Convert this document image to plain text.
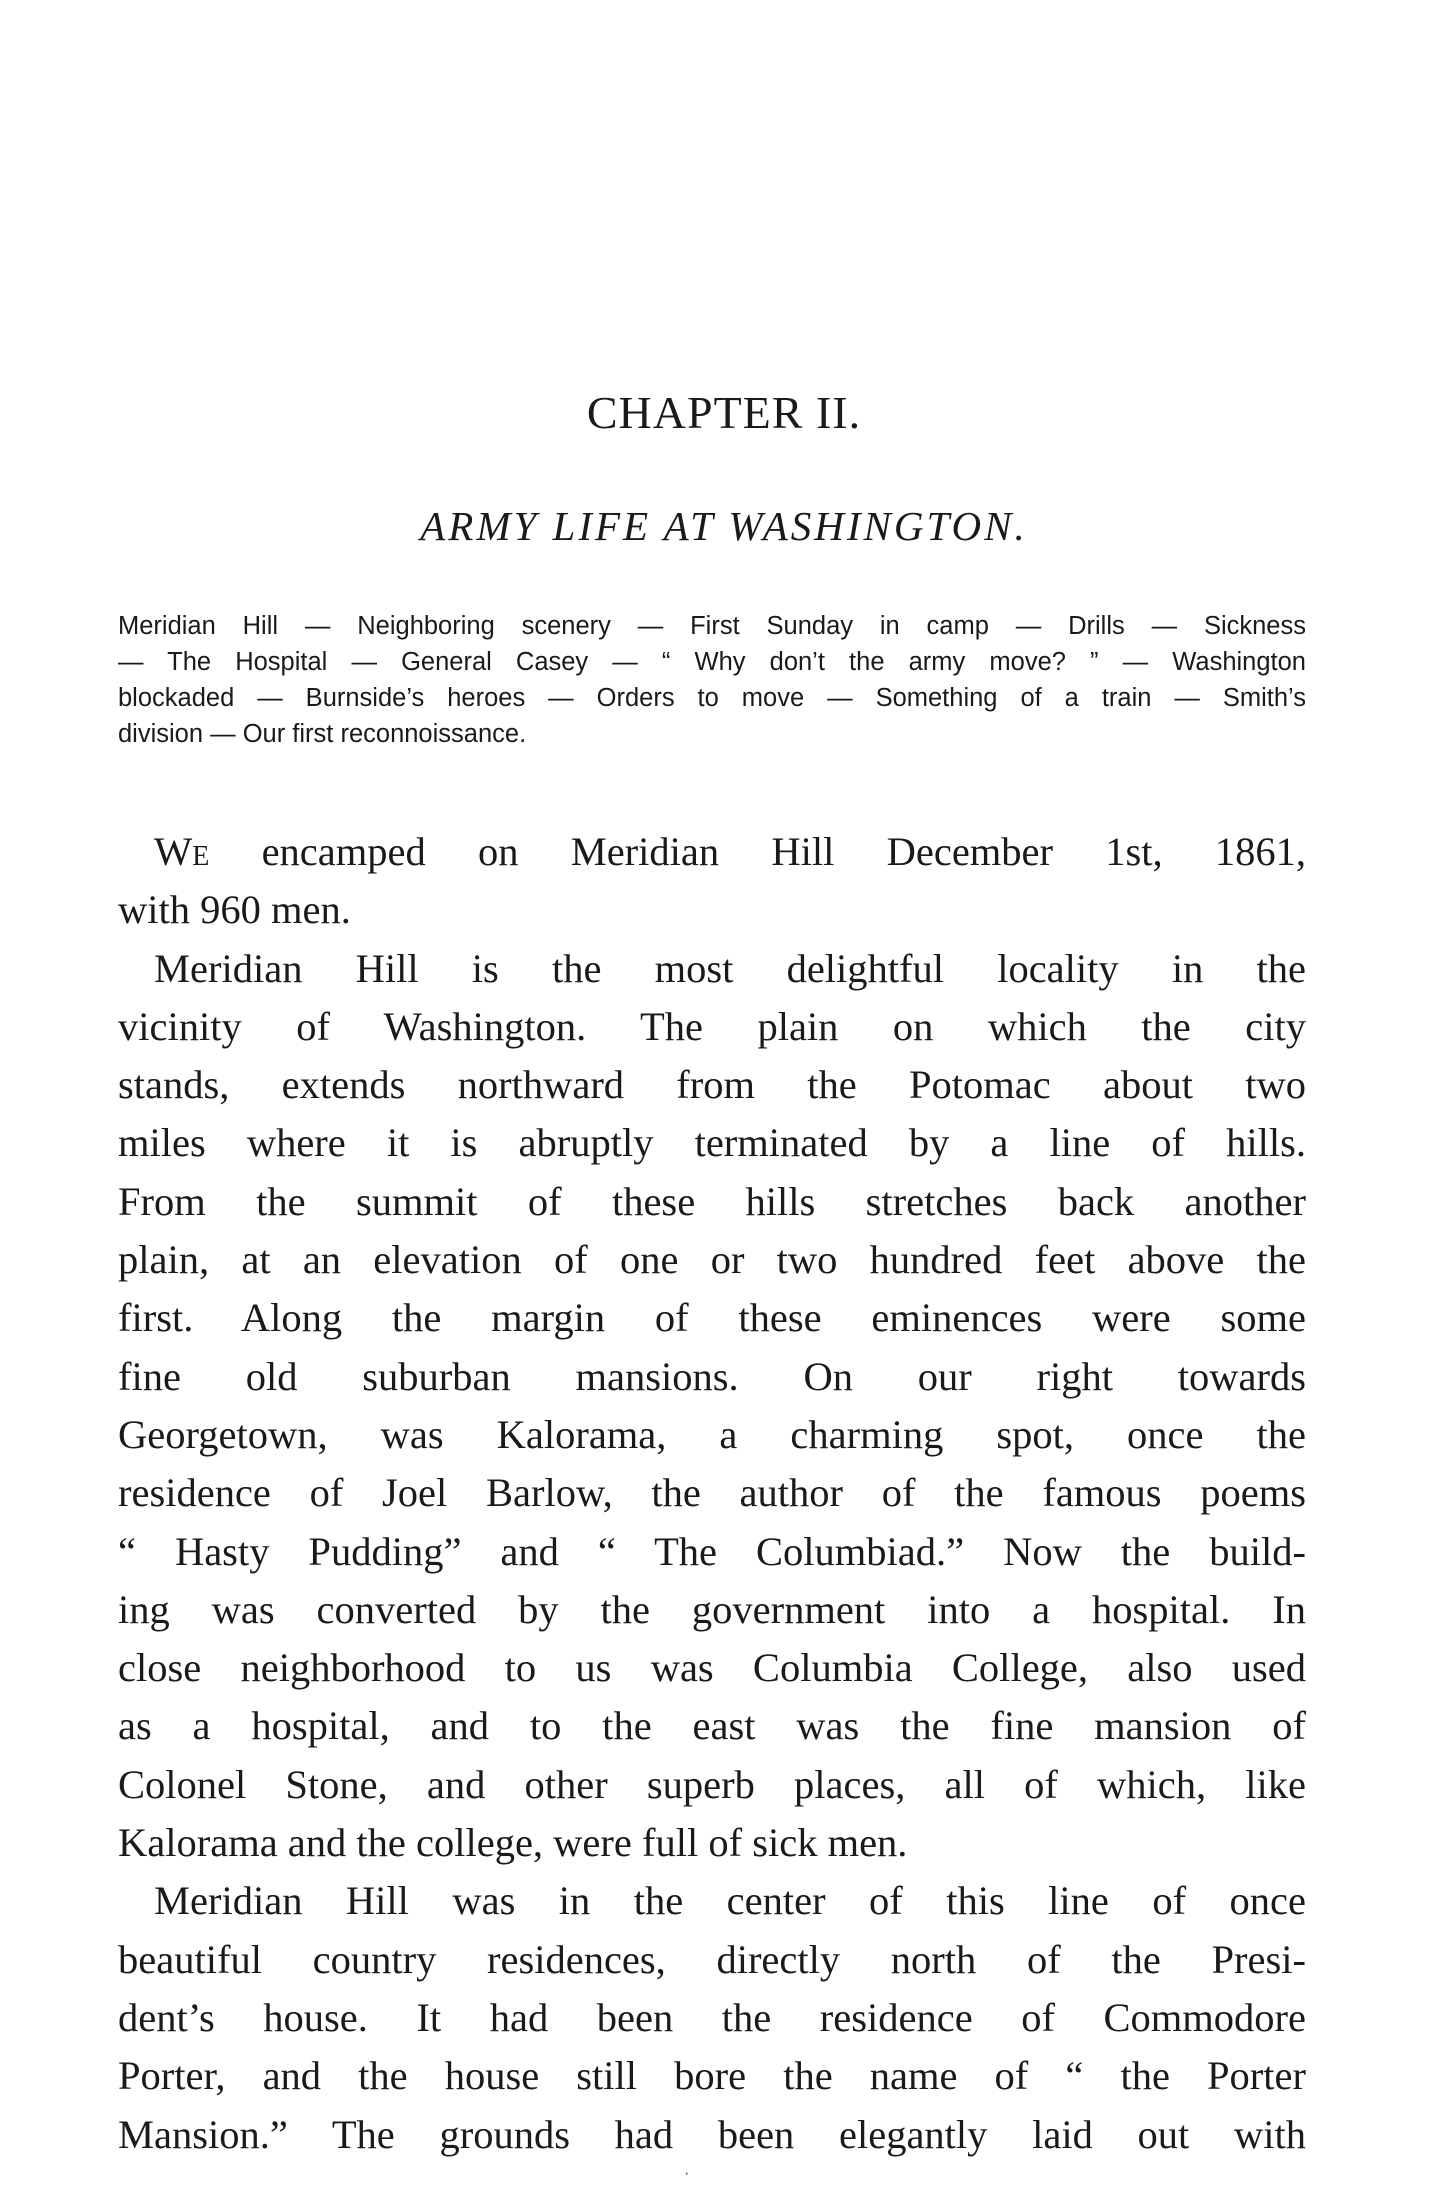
CHAPTER II.
ARMY LIFE AT WASHINGTON.

Meridian Hill — Neighboring scenery — First Sunday in camp — Drills — Sickness
— The Hospital — General Casey — “ Why don’t the army move? ” — Washington
blockaded — Burnside’s heroes — Orders to move — Something of a train — Smith’s
division — Our first reconnoissance.

We encamped on Meridian Hill December 1st, 1861,
with 960 men.

Meridian Hill is the most delightful locality in the
vicinity of Washington. The plain on which the city
stands, extends northward from the Potomac about two
miles where it is abruptly terminated by a line of hills.
From the summit of these hills stretches back another
plain, at an elevation of one or two hundred feet above the
first. Along the margin of these eminences were some
fine old suburban mansions. On our right towards
Georgetown, was Kalorama, a charming spot, once the
residence of Joel Barlow, the author of the famous poems
“ Hasty Pudding” and “ The Columbiad.” Now the build-
ing was converted by the government into a hospital. In
close neighborhood to us was Columbia College, also used
as a hospital, and to the east was the fine mansion of
Colonel Stone, and other superb places, all of which, like
Kalorama and the college, were full of sick men.

Meridian Hill was in the center of this line of once
beautiful country residences, directly north of the Presi-
dent’s house. It had been the residence of Commodore
Porter, and the house still bore the name of “ the Porter
Mansion.” The grounds had been elegantly laid out with

·
